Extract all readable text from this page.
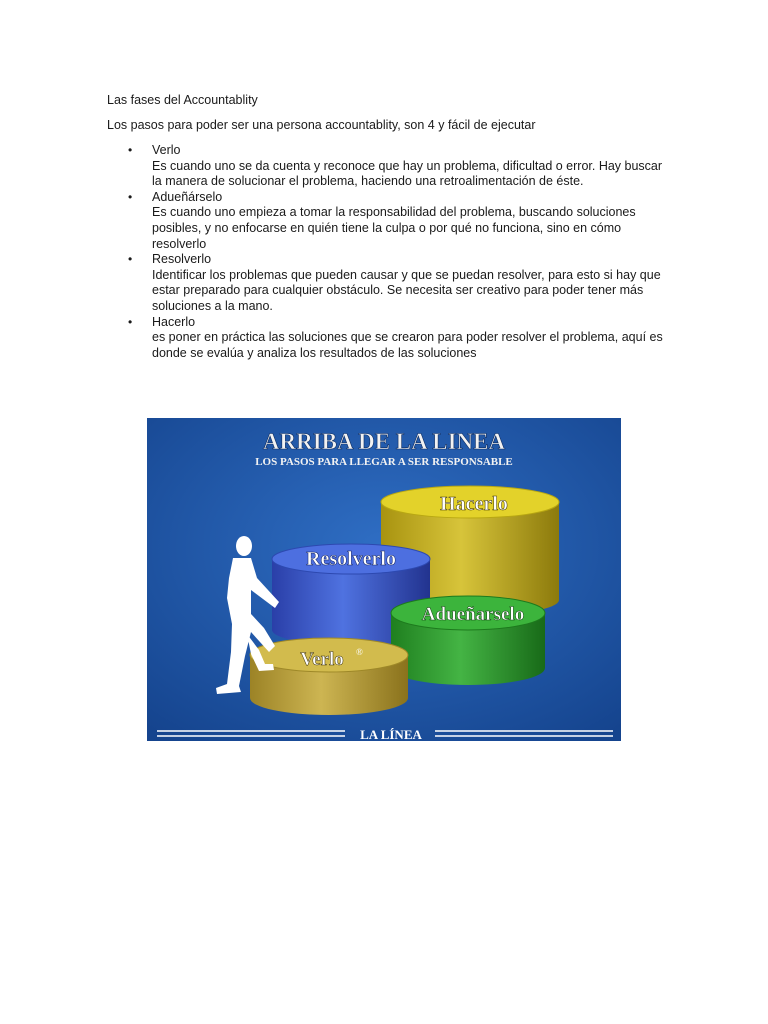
Las fases del Accountablity

Los pasos para poder ser una persona accountablity, son 4 y fácil de ejecutar

• Verlo
Es cuando uno se da cuenta y reconoce que hay un problema, dificultad o error. Hay buscar la manera de solucionar el problema, haciendo una retroalimentación de éste.
• Adueñárselo
Es cuando uno empieza a tomar la responsabilidad del problema, buscando soluciones posibles, y no enfocarse en quién tiene la culpa o por qué no funciona, sino en cómo resolverlo
• Resolverlo
Identificar los problemas que pueden causar y que se puedan resolver, para esto si hay que estar preparado para cualquier obstáculo. Se necesita ser creativo para poder tener más soluciones a la mano.
• Hacerlo
es poner en práctica las soluciones que se crearon para poder resolver el problema, aquí es donde se evalúa y analiza los resultados de las soluciones
ARRIBA DE LA LINEA
LOS PASOS PARA LLEGAR A SER RESPONSABLE
Hacerlo
Resolverlo
Adueñarselo
Verlo ®
LA LÍNEA
